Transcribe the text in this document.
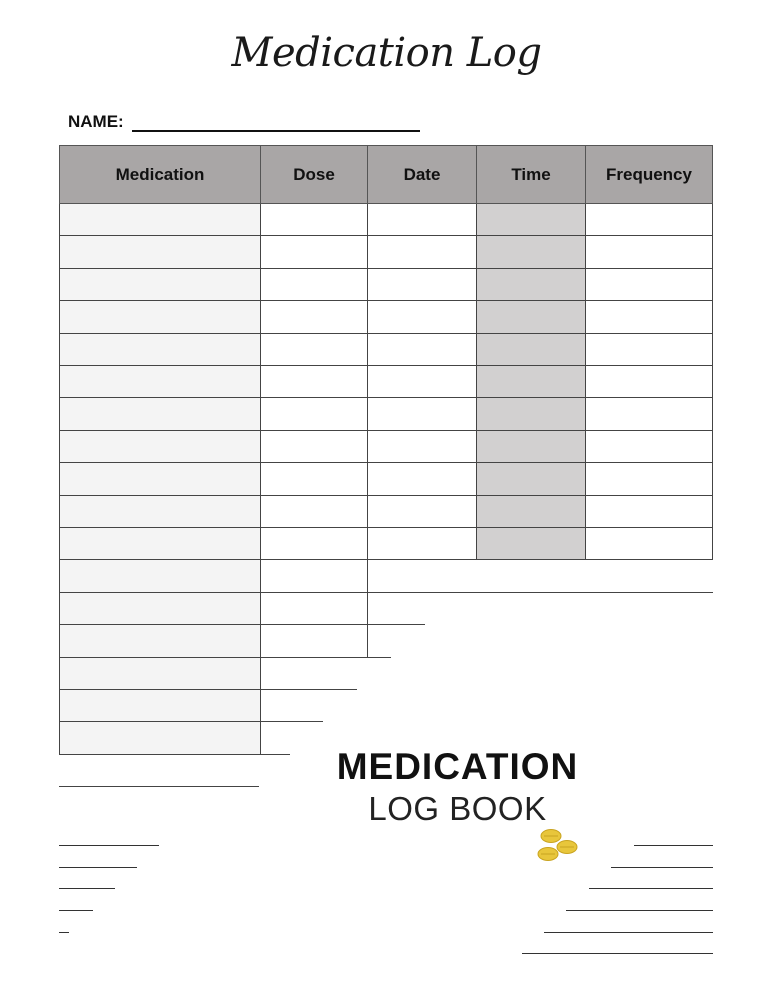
Medication Log
NAME:
Medication	Dose	Date	Time	Frequency
MEDICATION
LOG BOOK
